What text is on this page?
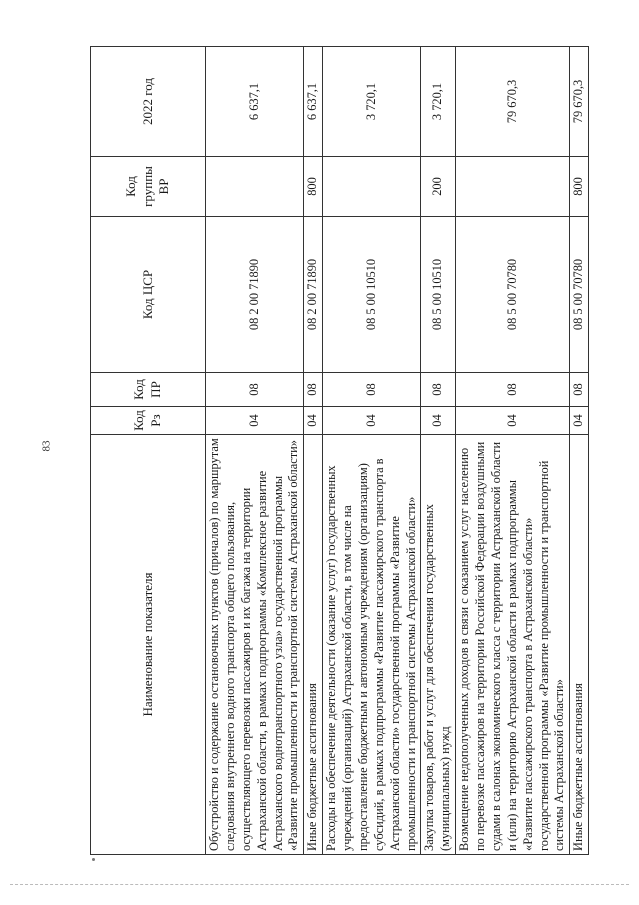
83
Наименование показателя	Код Рз	Код ПР	Код ЦСР	Код группы ВР	2022 год
Обустройство и содержание остановочных пунктов (причалов) по маршрутам следования внутреннего водного транспорта общего пользования, осуществляющего перевозки пассажиров и их багажа на территории Астраханской области, в рамках подпрограммы «Комплексное развитие Астраханского воднотранспортного узла» государственной программы «Развитие промышленности и транспортной системы Астраханской области»	04	08	08 2 00 71890		6 637,1
Иные бюджетные ассигнования	04	08	08 2 00 71890	800	6 637,1
Расходы на обеспечение деятельности (оказание услуг) государственных учреждений (организаций) Астраханской области, в том числе на предоставление бюджетным и автономным учреждениям (организациям) субсидий, в рамках подпрограммы «Развитие пассажирского транспорта в Астраханской области» государственной программы «Развитие промышленности и транспортной системы Астраханской области»	04	08	08 5 00 10510		3 720,1
Закупка товаров, работ и услуг для обеспечения государственных (муниципальных) нужд	04	08	08 5 00 10510	200	3 720,1
Возмещение недополученных доходов в связи с оказанием услуг населению по перевозке пассажиров на территории Российской Федерации воздушными судами в салонах экономического класса с территории Астраханской области и (или) на территорию Астраханской области в рамках подпрограммы «Развитие пассажирского транспорта в Астраханской области» государственной программы «Развитие промышленности и транспортной системы Астраханской области»	04	08	08 5 00 70780		79 670,3
Иные бюджетные ассигнования	04	08	08 5 00 70780	800	79 670,3
